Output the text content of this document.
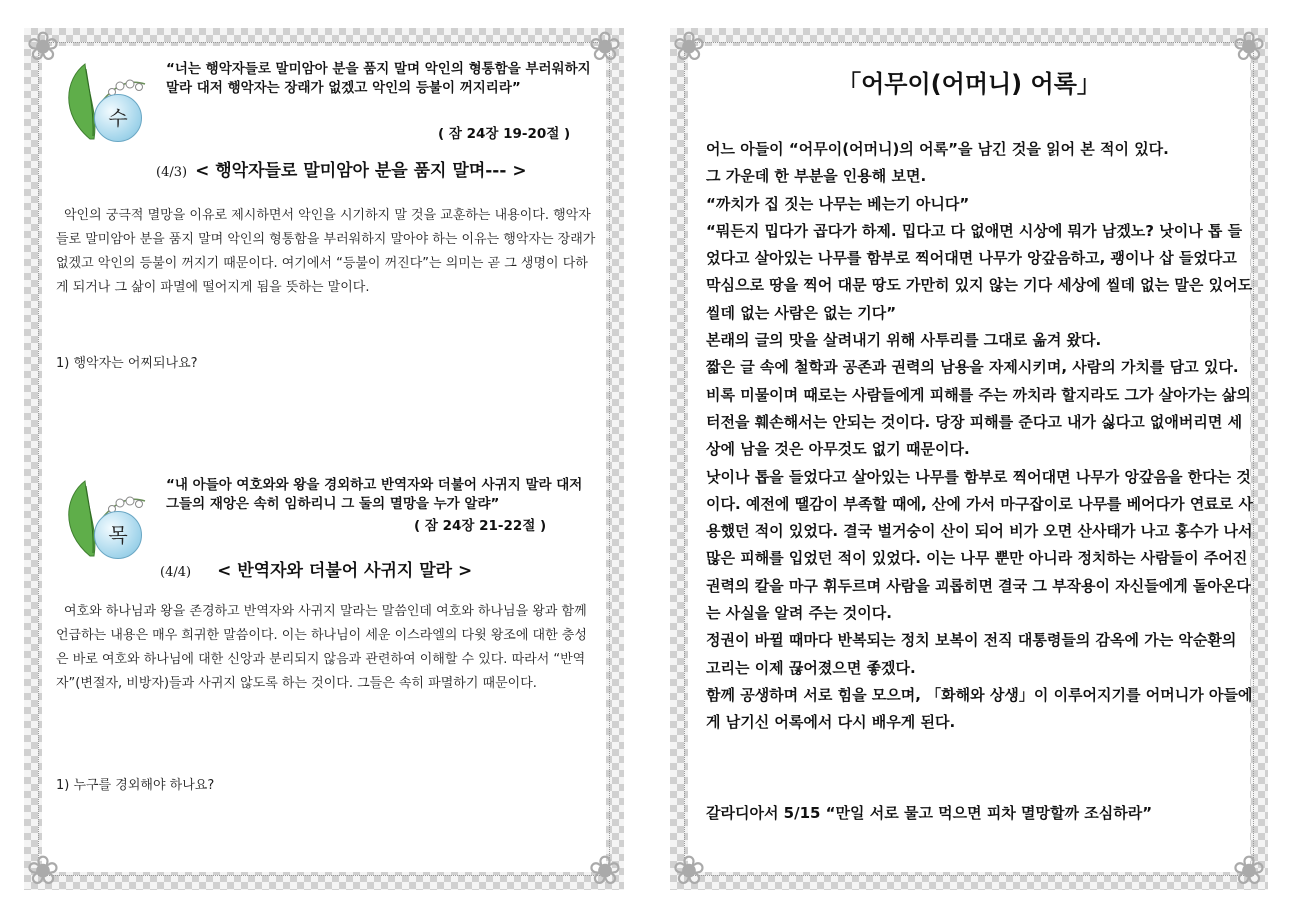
❀	❀
❀	❀
수
“너는 행악자들로 말미암아 분을 품지 말며 악인의 형통함을 부러워하지 말라 대저 행악자는 장래가 없겠고 악인의 등불이 꺼지리라”
( 잠 24장 19-20절 )
(4/3) < 행악자들로 말미암아 분을 품지 말며--- >
악인의 궁극적 멸망을 이유로 제시하면서 악인을 시기하지 말 것을 교훈하는 내용이다. 행악자들로 말미암아 분을 품지 말며 악인의 형통함을 부러워하지 말아야 하는 이유는 행악자는 장래가 없겠고 악인의 등불이 꺼지기 때문이다. 여기에서 “등불이 꺼진다”는 의미는 곧 그 생명이 다하게 되거나 그 삶이 파멸에 떨어지게 됨을 뜻하는 말이다.
1) 행악자는 어찌되나요?
목
“내 아들아 여호와와 왕을 경외하고 반역자와 더불어 사귀지 말라 대저 그들의 재앙은 속히 임하리니 그 둘의 멸망을 누가 알랴”
( 잠 24장 21-22절 )
(4/4) < 반역자와 더불어 사귀지 말라 >
여호와 하나님과 왕을 존경하고 반역자와 사귀지 말라는 말씀인데 여호와 하나님을 왕과 함께 언급하는 내용은 매우 희귀한 말씀이다. 이는 하나님이 세운 이스라엘의 다윗 왕조에 대한 충성은 바로 여호와 하나님에 대한 신앙과 분리되지 않음과 관련하여 이해할 수 있다. 따라서 “반역자”(변절자, 비방자)들과 사귀지 않도록 하는 것이다. 그들은 속히 파멸하기 때문이다.
1) 누구를 경외해야 하나요?
❀	❀
❀	❀
「어무이(어머니) 어록」

어느 아들이 “어무이(어머니)의 어록”을 남긴 것을 읽어 본 적이 있다.

그 가운데 한 부분을 인용해 보면.

“까치가 집 짓는 나무는 베는기 아니다”

“뭐든지 밉다가 곱다가 하제. 밉다고 다 없애면 시상에 뭐가 남겠노? 낫이나 톱 들었다고 살아있는 나무를 함부로 찍어대면 나무가 앙갚음하고, 괭이나 삽 들었다고 막심으로 땅을 찍어 대문 땅도 가만히 있지 않는 기다 세상에 씰데 없는 말은 있어도 씰데 없는 사람은 없는 기다”

본래의 글의 맛을 살려내기 위해 사투리를 그대로 옮겨 왔다.

짧은 글 속에 철학과 공존과 권력의 남용을 자제시키며, 사람의 가치를 담고 있다. 비록 미물이며 때로는 사람들에게 피해를 주는 까치라 할지라도 그가 살아가는 삶의 터전을 훼손해서는 안되는 것이다. 당장 피해를 준다고 내가 싫다고 없애버리면 세상에 남을 것은 아무것도 없기 때문이다.

낫이나 톱을 들었다고 살아있는 나무를 함부로 찍어대면 나무가 앙갚음을 한다는 것이다. 예전에 땔감이 부족할 때에, 산에 가서 마구잡이로 나무를 베어다가 연료로 사용했던 적이 있었다. 결국 벌거숭이 산이 되어 비가 오면 산사태가 나고 홍수가 나서 많은 피해를 입었던 적이 있었다. 이는 나무 뿐만 아니라 정치하는 사람들이 주어진 권력의 칼을 마구 휘두르며 사람을 괴롭히면 결국 그 부작용이 자신들에게 돌아온다는 사실을 알려 주는 것이다.

정권이 바뀔 때마다 반복되는 정치 보복이 전직 대통령들의 감옥에 가는 악순환의 고리는 이제 끊어졌으면 좋겠다.

함께 공생하며 서로 힘을 모으며, 「화해와 상생」이 이루어지기를 어머니가 아들에게 남기신 어록에서 다시 배우게 된다.

갈라디아서 5/15 “만일 서로 물고 먹으면 피차 멸망할까 조심하라”
